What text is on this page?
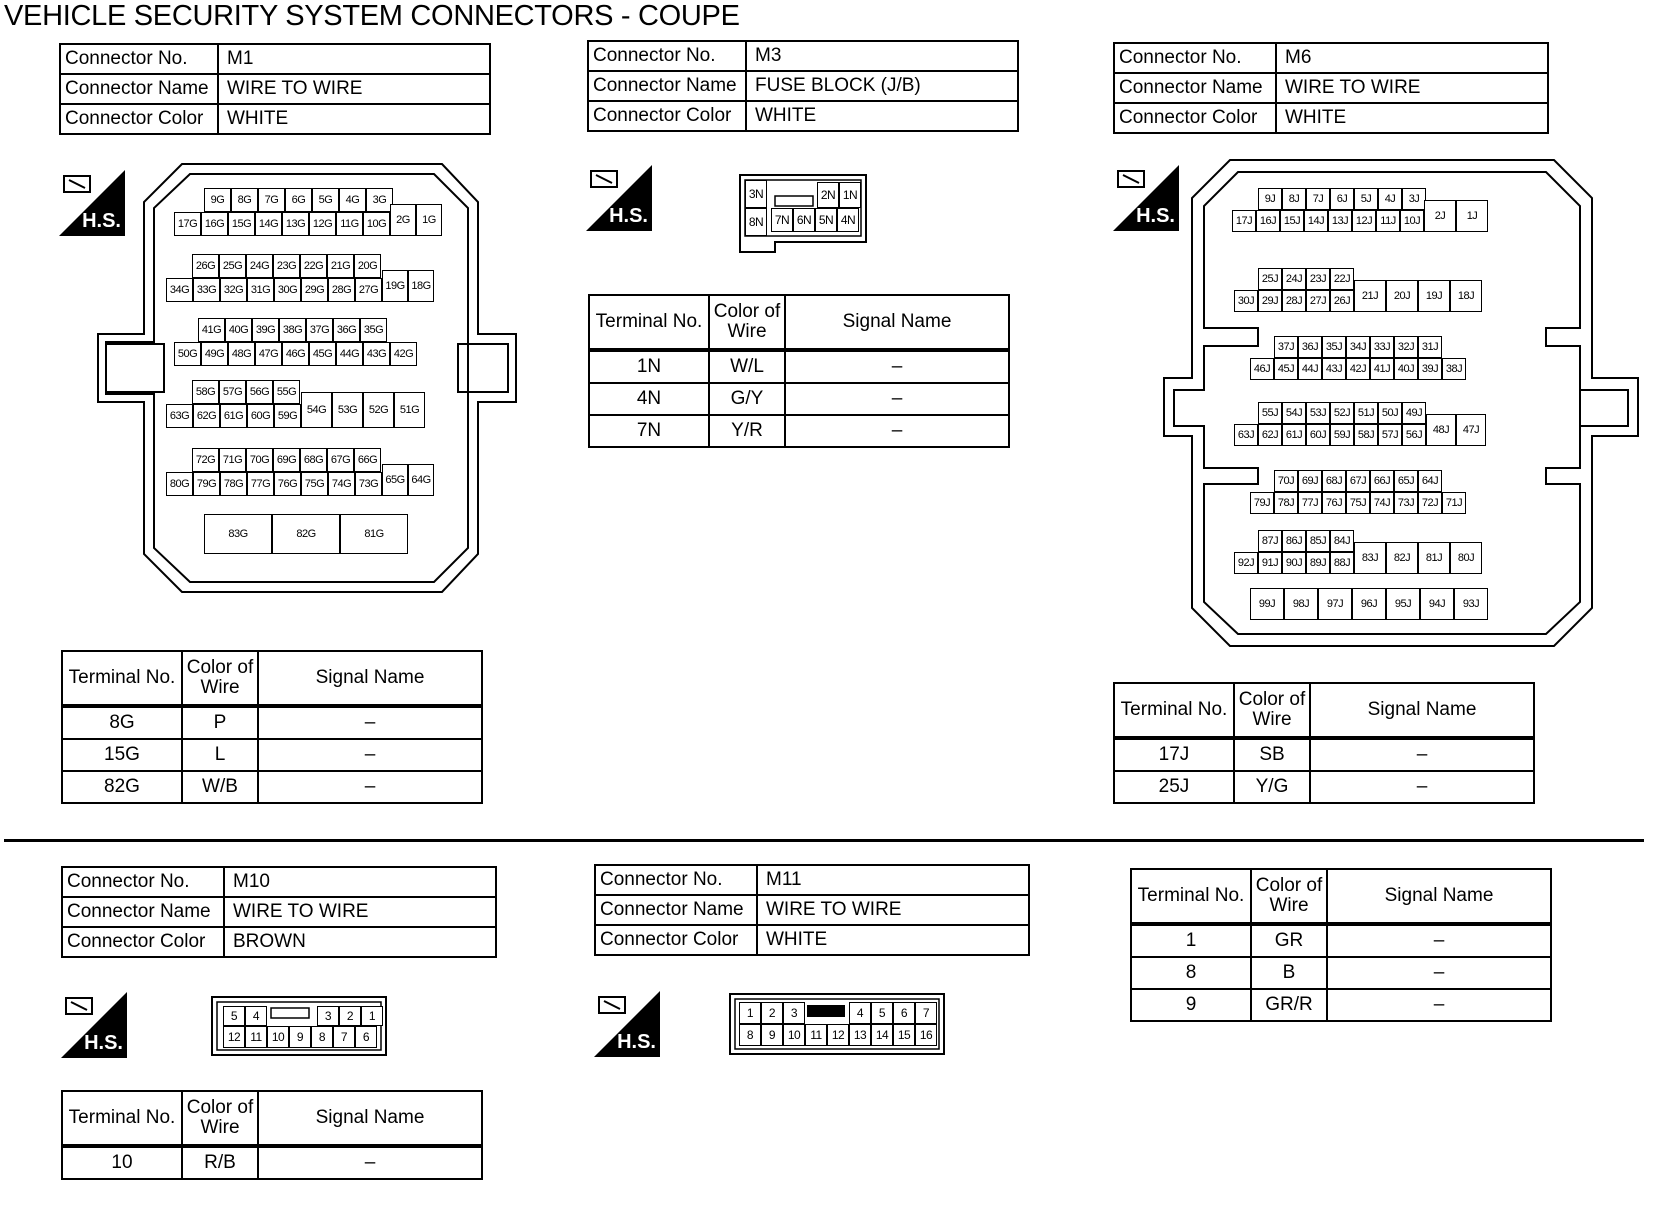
VEHICLE SECURITY SYSTEM CONNECTORS - COUPE
Connector No.	M1
Connector Name	WIRE TO WIRE
Connector Color	WHITE
H.S.
9G	8G	7G	6G	5G	4G	3G
17G 16G 15G 14G 13G 12G 11G 10G 2G	1G
26G 25G 24G 23G 22G 21G 20G
34G 33G 32G 31G 30G 29G 28G 27G 19G 18G
41G 40G 39G 38G 37G 36G 35G
50G 49G 48G 47G 46G 45G 44G 43G 42G
58G 57G 56G 55G
63G 62G 61G 60G 59G 54G	53G	52G	51G
72G 71G 70G 69G 68G 67G 66G
80G 79G 78G 77G 76G 75G 74G 73G 65G 64G
83G	82G	81G
Terminal No.	Color of Wire	Signal Name
8G	P	–
15G	L	–
82G	W/B	–
Connector No.	M3
Connector Name	FUSE BLOCK (J/B)
Connector Color	WHITE
H.S.
3N	2N 1N
8N 7N 6N 5N 4N
Terminal No.	Color of Wire	Signal Name
1N	W/L	–
4N	G/Y	–
7N	Y/R	–
Connector No.	M6
Connector Name	WIRE TO WIRE
Connector Color	WHITE
H.S.
9J	8J	7J	6J	5J	4J	3J
17J 16J 15J 14J 13J 12J 11J 10J	2J	1J
25J 24J 23J 22J
30J 29J 28J 27J 26J	21J	20J	19J	18J
37J 36J 35J 34J 33J 32J 31J
46J 45J 44J 43J 42J 41J 40J 39J 38J
55J 54J 53J 52J 51J 50J 49J
63J 62J 61J 60J 59J 58J 57J 56J 48J	47J
70J 69J 68J 67J 66J 65J 64J
79J 78J 77J 76J 75J 74J 73J 72J 71J
87J 86J 85J 84J
92J 91J 90J 89J 88J	83J	82J	81J	80J
99J	98J	97J	96J	95J	94J	93J
Terminal No.	Color of Wire	Signal Name
17J	SB	–
25J	Y/G	–
Connector No.	M10
Connector Name	WIRE TO WIRE
Connector Color	BROWN
H.S.
5	4	3	2	1
12 11 10	9	8	7	6
Terminal No.	Color of Wire	Signal Name
10	R/B	–
Connector No.	M11
Connector Name	WIRE TO WIRE
Connector Color	WHITE
H.S.
1	2	3	4	5	6	7
8	9	10 11 12 13 14 15 16
Terminal No.	Color of Wire	Signal Name
1	GR	–
8	B	–
9	GR/R	–
